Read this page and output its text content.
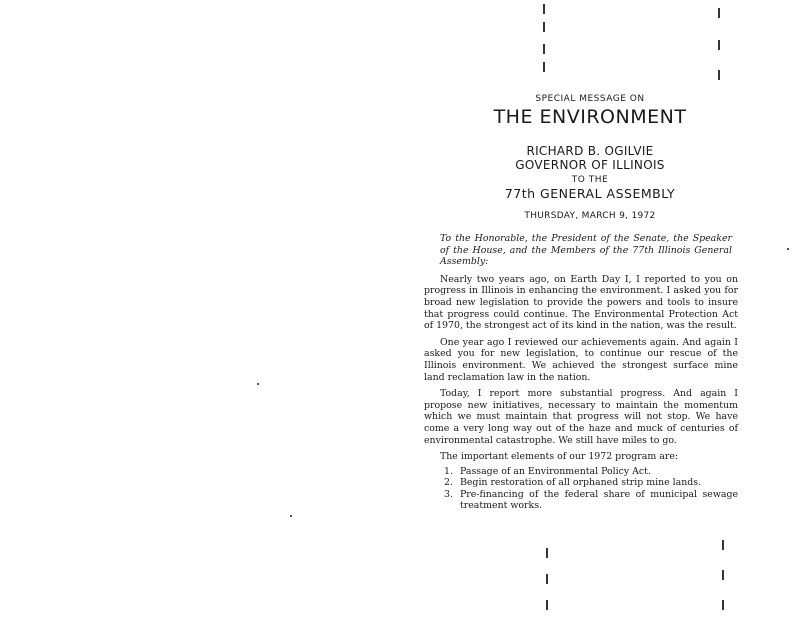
SPECIAL MESSAGE ON
THE ENVIRONMENT
RICHARD B. OGILVIE
GOVERNOR OF ILLINOIS
TO THE
77th GENERAL ASSEMBLY
THURSDAY, MARCH 9, 1972

To the Honorable, the President of the Senate, the Speaker of the House, and the Members of the 77th Illinois General Assembly:

Nearly two years ago, on Earth Day I, I reported to you on progress in Illinois in enhancing the environment. I asked you for broad new legislation to provide the powers and tools to insure that progress could continue. The Environmental Protection Act of 1970, the strongest act of its kind in the nation, was the result.

One year ago I reviewed our achievements again. And again I asked you for new legislation, to continue our rescue of the Illinois environment. We achieved the strongest surface mine land reclamation law in the nation.

Today, I report more substantial progress. And again I propose new initiatives, necessary to maintain the momentum which we must maintain that progress will not stop. We have come a very long way out of the haze and muck of centuries of environmental catastrophe. We still have miles to go.

The important elements of our 1972 program are:

1. Passage of an Environmental Policy Act.
2. Begin restoration of all orphaned strip mine lands.
3. Pre-financing of the federal share of municipal sewage treatment works.
